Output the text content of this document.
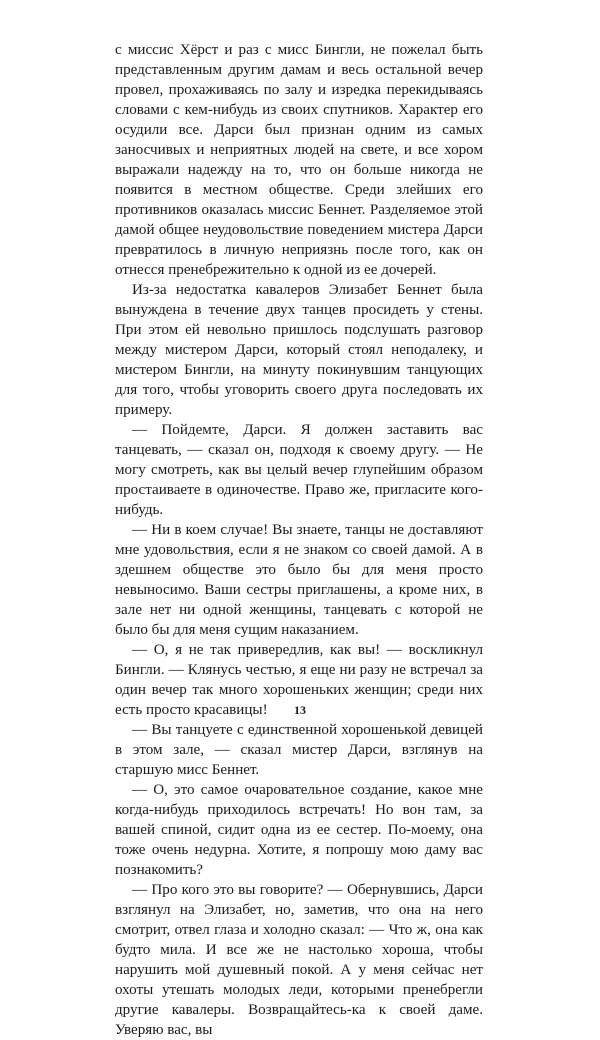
с миссис Хёрст и раз с мисс Бингли, не пожелал быть представленным другим дамам и весь остальной вечер провел, прохаживаясь по залу и изредка перекидываясь словами с кем-нибудь из своих спутников. Характер его осудили все. Дарси был признан одним из самых заносчивых и неприятных людей на свете, и все хором выражали надежду на то, что он больше никогда не появится в местном обществе. Среди злейших его противников оказалась миссис Беннет. Разделяемое этой дамой общее неудовольствие поведением мистера Дарси превратилось в личную неприязнь после того, как он отнесся пренебрежительно к одной из ее дочерей.

Из-за недостатка кавалеров Элизабет Беннет была вынуждена в течение двух танцев просидеть у стены. При этом ей невольно пришлось подслушать разговор между мистером Дарси, который стоял неподалеку, и мистером Бингли, на минуту покинувшим танцующих для того, чтобы уговорить своего друга последовать их примеру.

— Пойдемте, Дарси. Я должен заставить вас танцевать, — сказал он, подходя к своему другу. — Не могу смотреть, как вы целый вечер глупейшим образом простаиваете в одиночестве. Право же, пригласите кого-нибудь.

— Ни в коем случае! Вы знаете, танцы не доставляют мне удовольствия, если я не знаком со своей дамой. А в здешнем обществе это было бы для меня просто невыносимо. Ваши сестры приглашены, а кроме них, в зале нет ни одной женщины, танцевать с которой не было бы для меня сущим наказанием.

— О, я не так привередлив, как вы! — воскликнул Бингли. — Клянусь честью, я еще ни разу не встречал за один вечер так много хорошеньких женщин; среди них есть просто красавицы!

— Вы танцуете с единственной хорошенькой девицей в этом зале, — сказал мистер Дарси, взглянув на старшую мисс Беннет.

— О, это самое очаровательное создание, какое мне когда-нибудь приходилось встречать! Но вон там, за вашей спиной, сидит одна из ее сестер. По-моему, она тоже очень недурна. Хотите, я попрошу мою даму вас познакомить?

— Про кого это вы говорите? — Обернувшись, Дарси взглянул на Элизабет, но, заметив, что она на него смотрит, отвел глаза и холодно сказал: — Что ж, она как будто мила. И все же не настолько хороша, чтобы нарушить мой душевный покой. А у меня сейчас нет охоты утешать молодых леди, которыми пренебрегли другие кавалеры. Возвращайтесь-ка к своей даме. Уверяю вас, вы

13
